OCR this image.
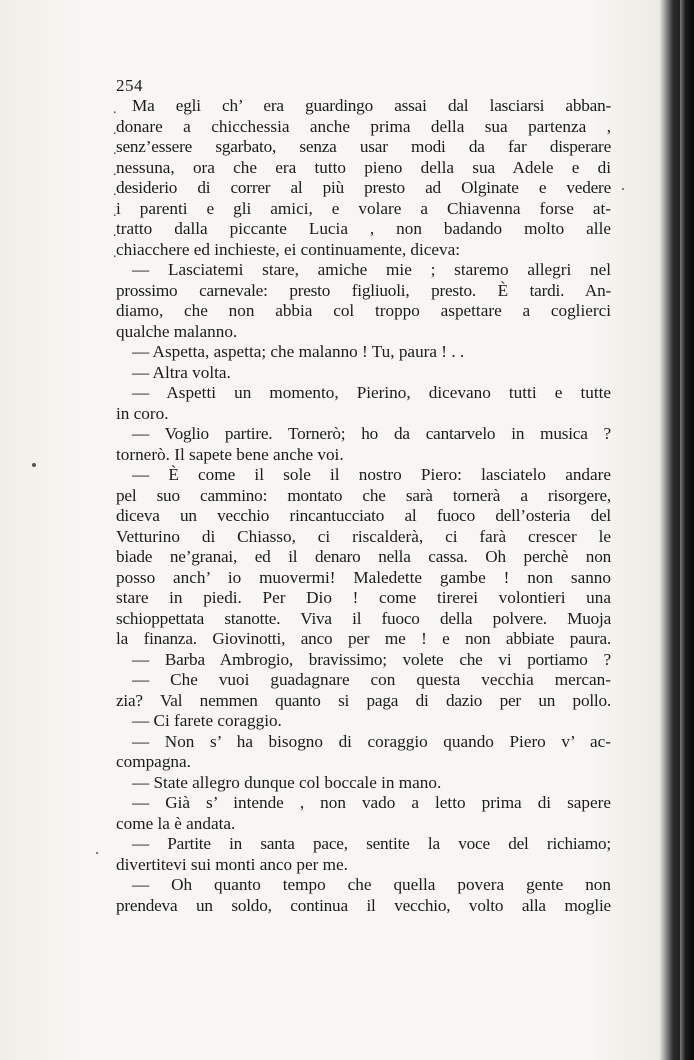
254
.
.
.
.
.
.
.
.
Ma egli ch’ era guardingo assai dal lasciarsi abban-
donare a chicchessia anche prima della sua partenza ,
senz’essere sgarbato, senza usar modi da far disperare
nessuna, ora che era tutto pieno della sua Adele e di
desiderio di correr al più presto ad Olginate e vedere
i parenti e gli amici, e volare a Chiavenna forse at-
tratto dalla piccante Lucia , non badando molto alle
chiacchere ed inchieste, ei continuamente, diceva:
— Lasciatemi stare, amiche mie ; staremo allegri nel
prossimo carnevale: presto figliuoli, presto. È tardi. An-
diamo, che non abbia col troppo aspettare a coglierci
qualche malanno.
— Aspetta, aspetta; che malanno ! Tu, paura ! . .
— Altra volta.
— Aspetti un momento, Pierino, dicevano tutti e tutte
in coro.
— Voglio partire. Tornerò; ho da cantarvelo in musica ?
tornerò. Il sapete bene anche voi.
— È come il sole il nostro Piero: lasciatelo andare
pel suo cammino: montato che sarà tornerà a risorgere,
diceva un vecchio rincantucciato al fuoco dell’osteria del
Vetturino di Chiasso, ci riscalderà, ci farà crescer le
biade ne’granai, ed il denaro nella cassa. Oh perchè non
posso anch’ io muovermi! Maledette gambe ! non sanno
stare in piedi. Per Dio ! come tirerei volontieri una
schioppettata stanotte. Viva il fuoco della polvere. Muoja
la finanza. Giovinotti, anco per me ! e non abbiate paura.
— Barba Ambrogio, bravissimo; volete che vi portiamo ?
— Che vuoi guadagnare con questa vecchia mercan-
zia? Val nemmen quanto si paga di dazio per un pollo.
— Ci farete coraggio.
— Non s’ ha bisogno di coraggio quando Piero v’ ac-
compagna.
— State allegro dunque col boccale in mano.
— Già s’ intende , non vado a letto prima di sapere
come la è andata.
— Partite in santa pace, sentite la voce del richiamo;
divertitevi sui monti anco per me.
— Oh quanto tempo che quella povera gente non
prendeva un soldo, continua il vecchio, volto alla moglie
